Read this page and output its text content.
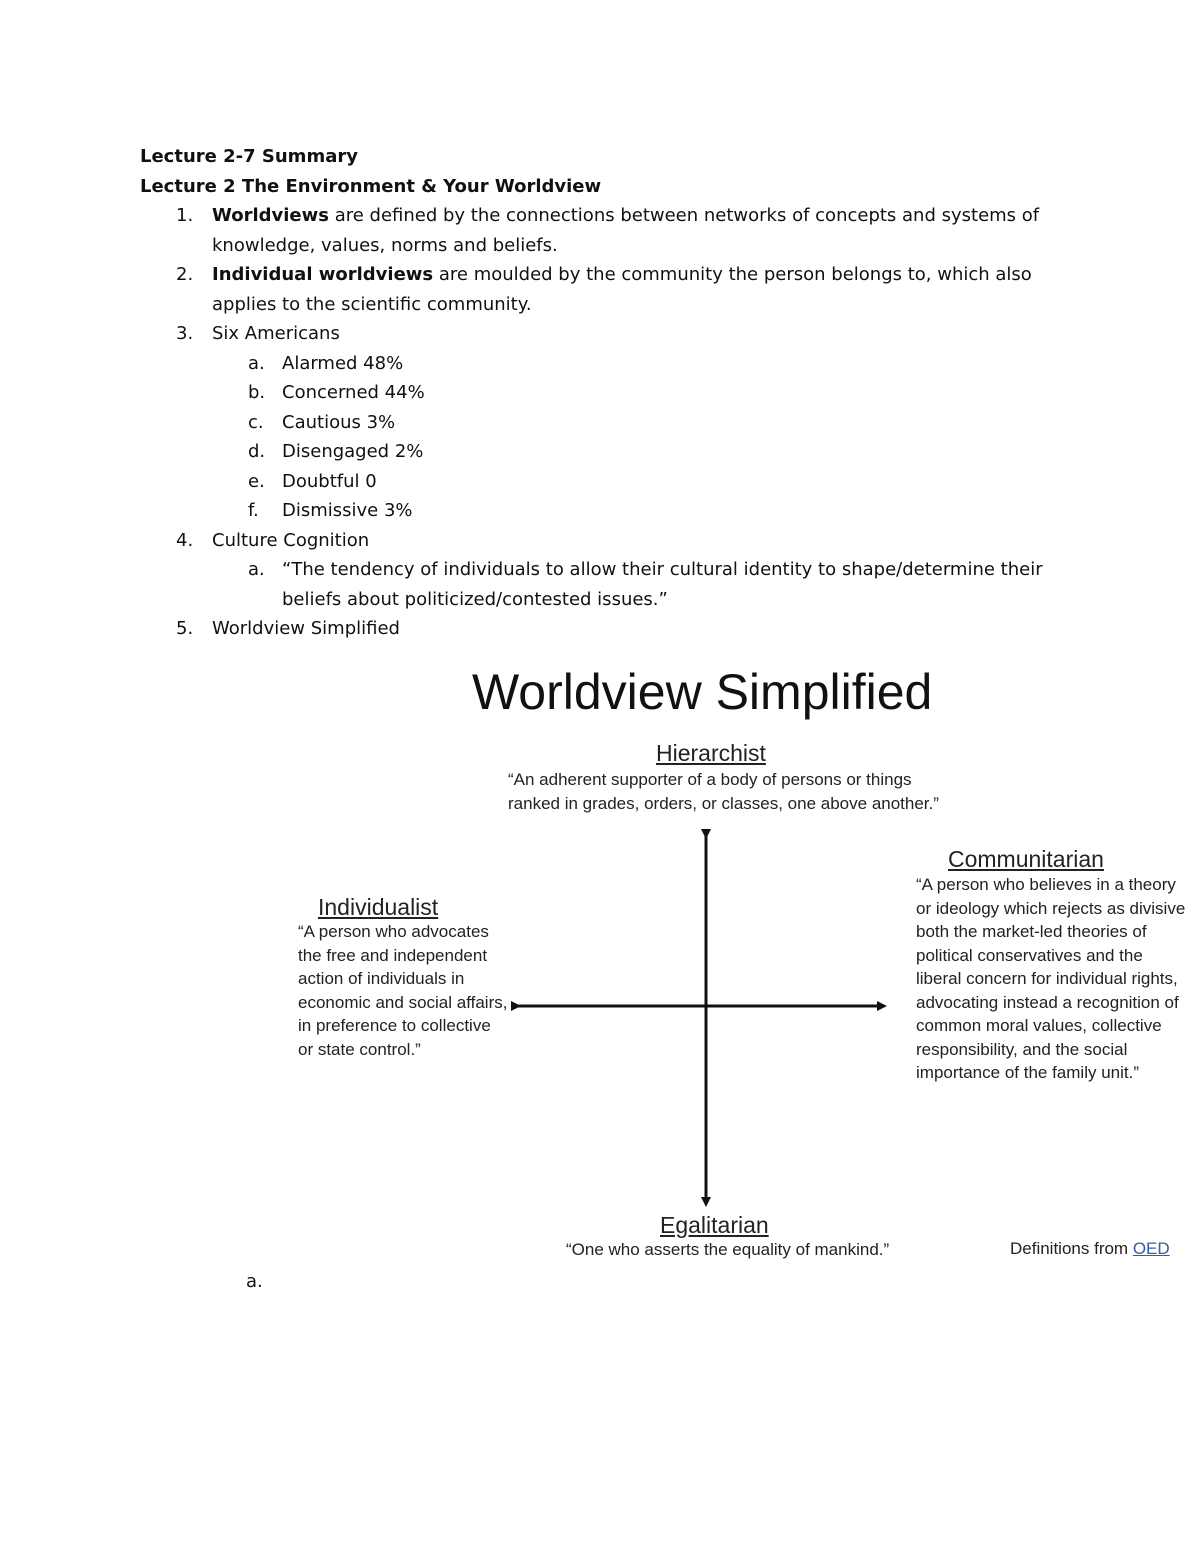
Lecture 2-7 Summary

Lecture 2 The Environment & Your Worldview

1. Worldviews are defined by the connections between networks of concepts and systems of knowledge, values, norms and beliefs.
2. Individual worldviews are moulded by the community the person belongs to, which also applies to the scientific community.
3. Six Americans
a. Alarmed 48%
b. Concerned 44%
c. Cautious 3%
d. Disengaged 2%
e. Doubtful 0
f. Dismissive 3%
4. Culture Cognition
a. “The tendency of individuals to allow their cultural identity to shape/determine their beliefs about politicized/contested issues.”
5. Worldview Simplified
Worldview Simplified
Hierarchist
“An adherent supporter of a body of persons or things ranked in grades, orders, or classes, one above another.”
Individualist
“A person who advocates the free and independent action of individuals in economic and social affairs, in preference to collective or state control.”
Communitarian
“A person who believes in a theory or ideology which rejects as divisive both the market-led theories of political conservatives and the liberal concern for individual rights, advocating instead a recognition of common moral values, collective responsibility, and the social importance of the family unit.”
Egalitarian
“One who asserts the equality of mankind.”	Definitions from OED
a.
